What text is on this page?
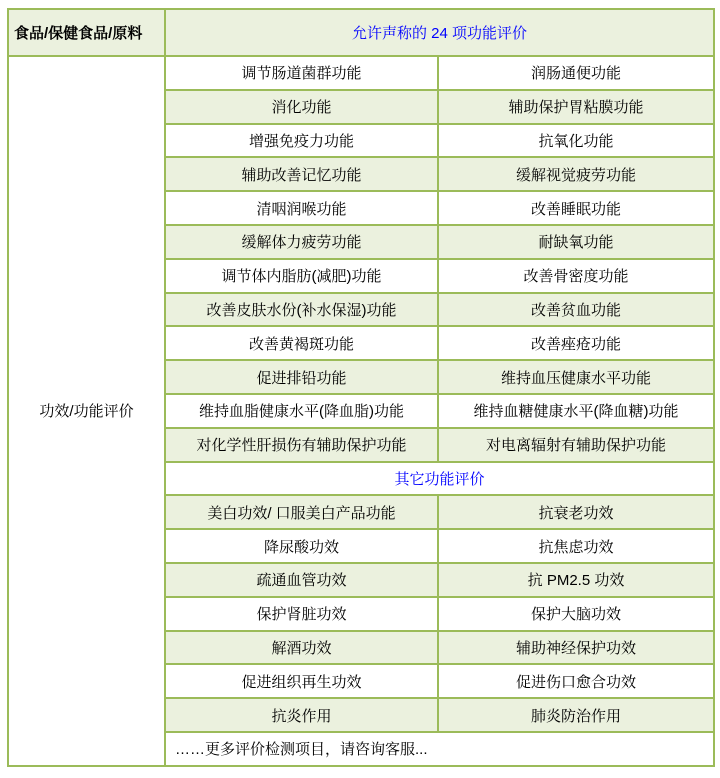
食品/保健食品/原料	允许声称的 24 项功能评价	
功效/功能评价	调节肠道菌群功能	润肠通便功能
	消化功能	辅助保护胃粘膜功能
	增强免疫力功能	抗氧化功能
	辅助改善记忆功能	缓解视觉疲劳功能
	清咽润喉功能	改善睡眠功能
	缓解体力疲劳功能	耐缺氧功能
	调节体内脂肪(减肥)功能	改善骨密度功能
	改善皮肤水份(补水保湿)功能	改善贫血功能
	改善黄褐斑功能	改善痤疮功能
	促进排铅功能	维持血压健康水平功能
	维持血脂健康水平(降血脂)功能	维持血糖健康水平(降血糖)功能
	对化学性肝损伤有辅助保护功能	对电离辐射有辅助保护功能
	其它功能评价	
	美白功效/ 口服美白产品功能	抗衰老功效
	降尿酸功效	抗焦虑功效
	疏通血管功效	抗 PM2.5 功效
	保护肾脏功效	保护大脑功效
	解酒功效	辅助神经保护功效
	促进组织再生功效	促进伤口愈合功效
	抗炎作用	肺炎防治作用
	……更多评价检测项目，请咨询客服...	
